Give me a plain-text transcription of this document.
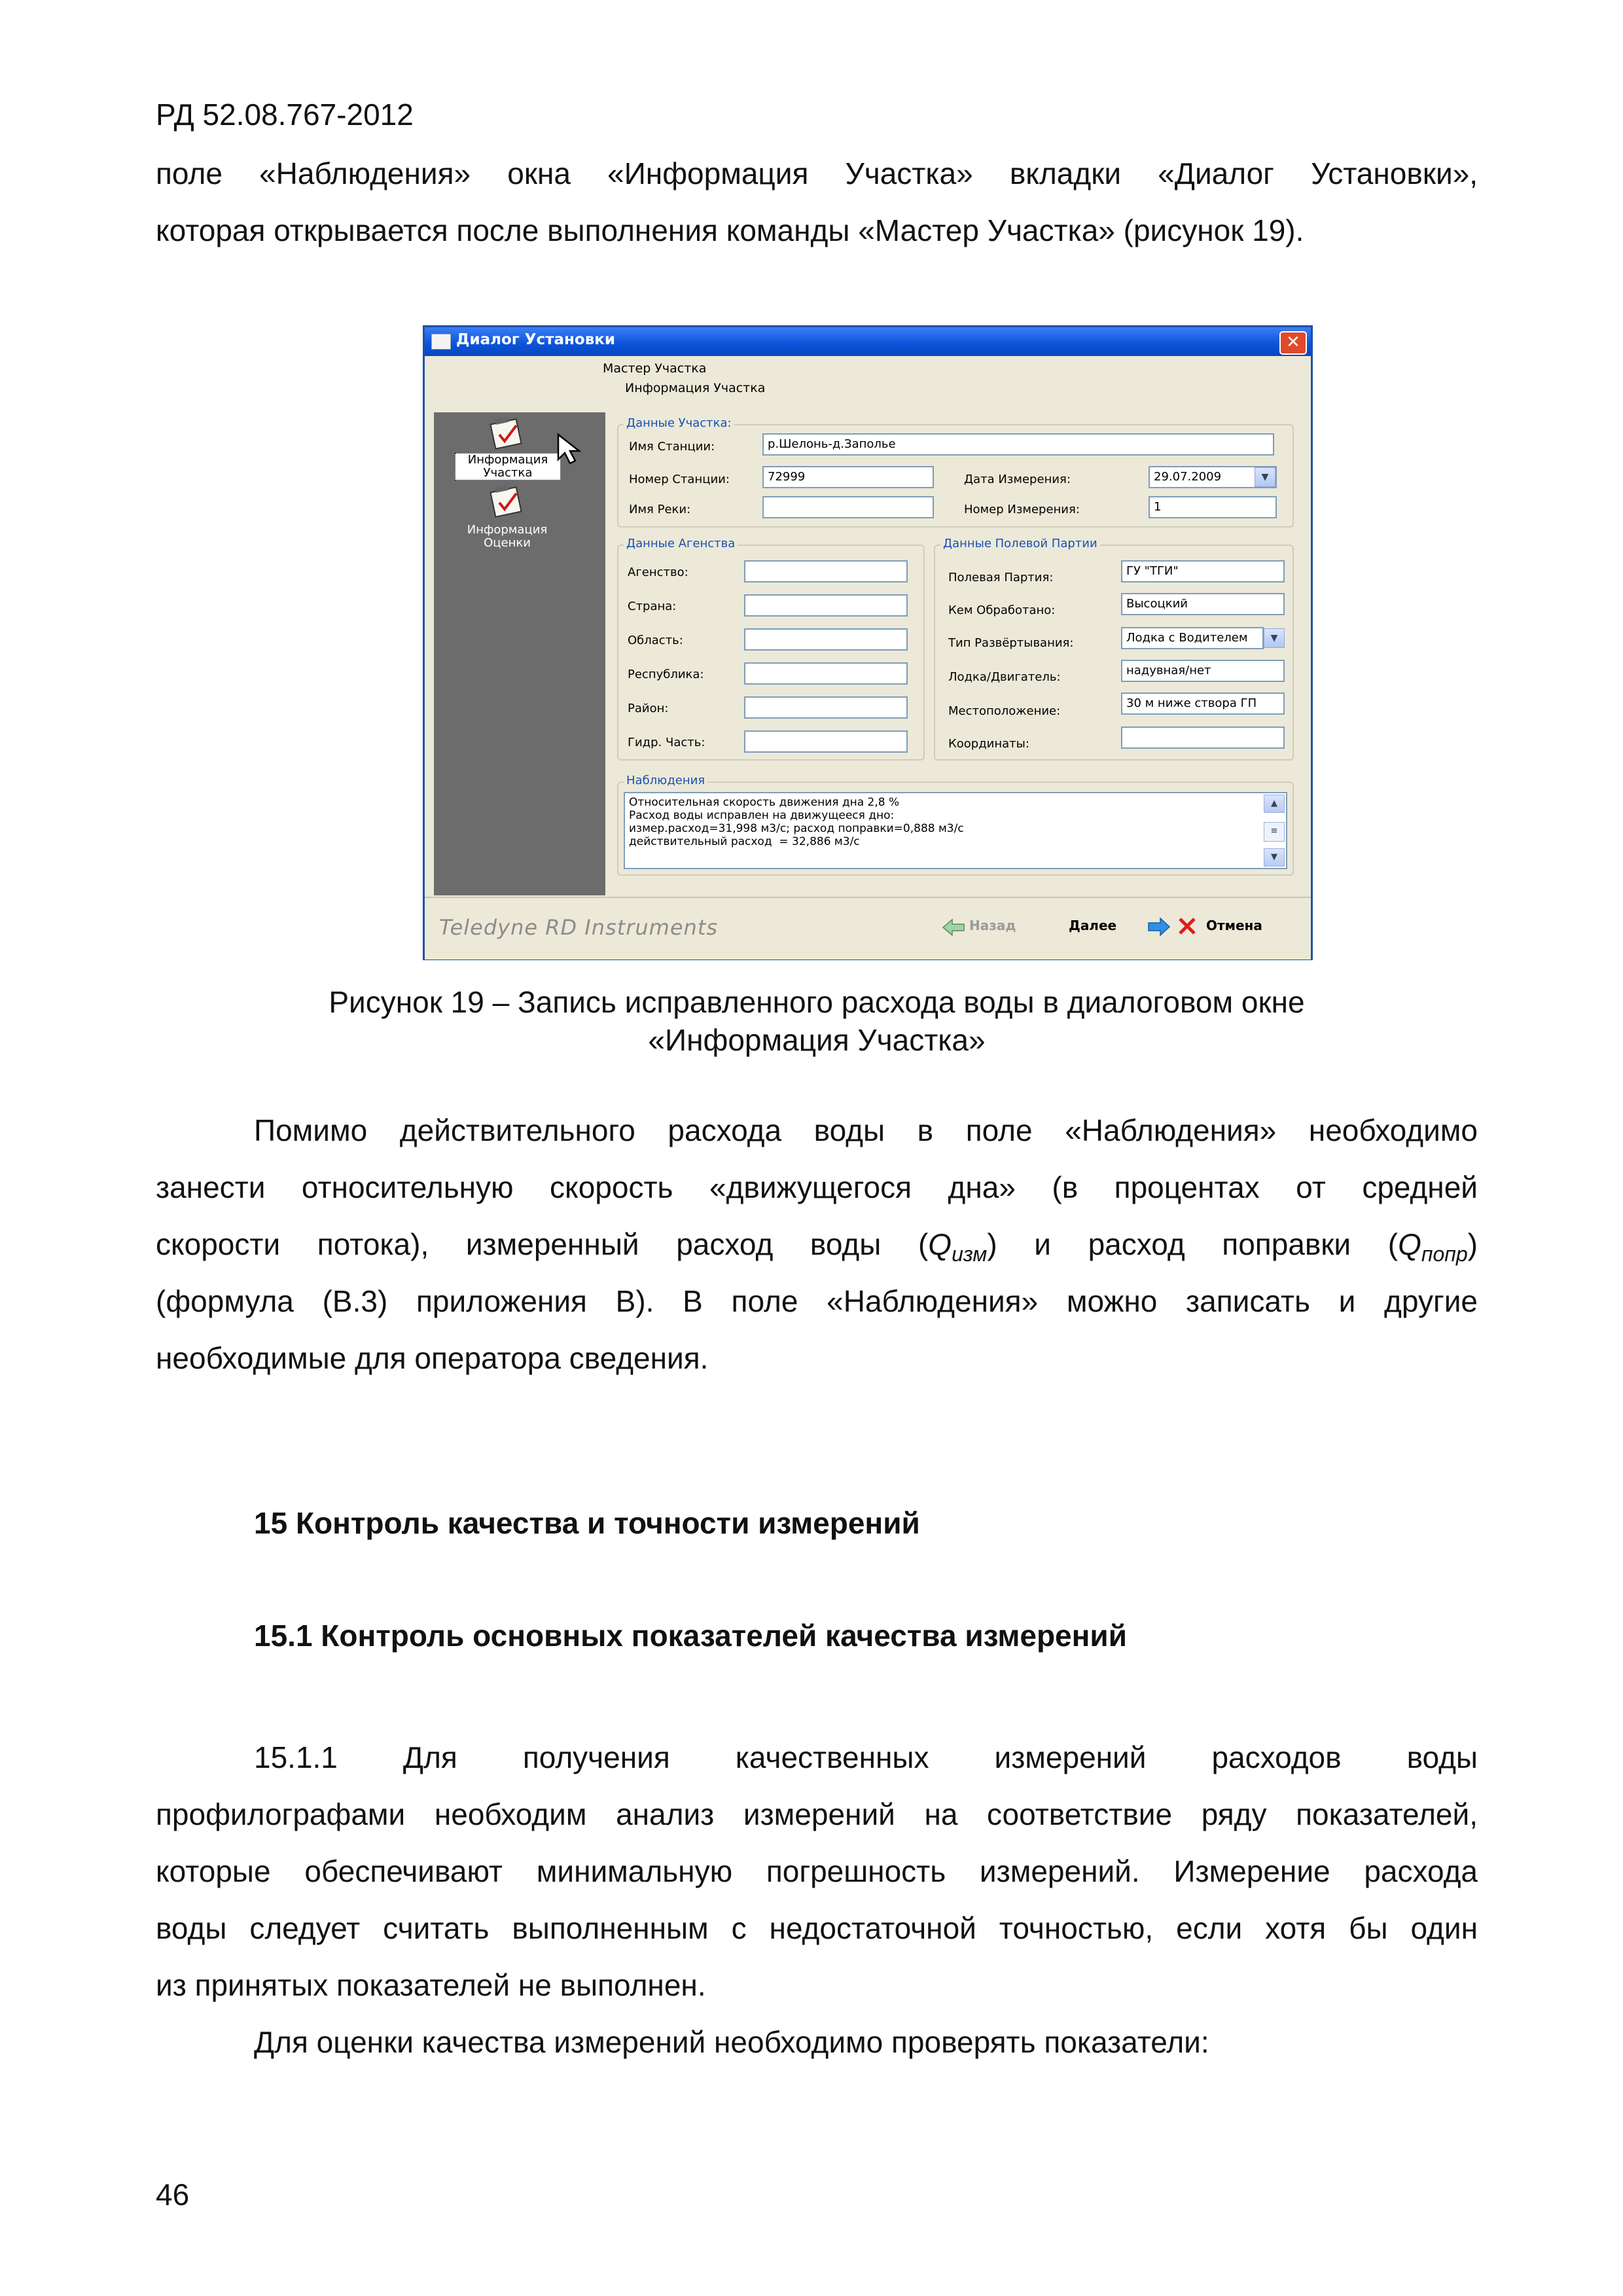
РД 52.08.767-2012
поле «Наблюдения» окна «Информация Участка» вкладки «Диалог Установки»,
которая открывается после выполнения команды «Мастер Участка» (рисунок 19).
Диалог Установки	✕
Мастер Участка
Информация Участка
Информация
Участка
Информация
Оценки
Данные Участка:
Имя Станции:	р.Шелонь-д.Заполье
Номер Станции:	72999	Дата Измерения:	29.07.2009	▼
Имя Реки:	Номер Измерения:	1
Данные Агенства
Агенство:
Страна:
Область:
Республика:
Район:
Гидр. Часть:
Данные Полевой Партии
Полевая Партия:	ГУ "ТГИ"
Кем Обработано:	Высоцкий
Тип Развёртывания:	Лодка с Водителем	▼
Лодка/Двигатель:	надувная/нет
Местоположение:
30 м ниже створа ГП
Координаты:
Наблюдения
Относительная скорость движения дна 2,8 %
Расход воды исправлен на движущееся дно:
измер.расход=31,998 м3/с; расход поправки=0,888 м3/с
действительный расход  = 32,886 м3/с
▲
≡
▼
Teledyne RD Instruments	Назад	Далее	Отмена
Рисунок 19 – Запись исправленного расхода воды в диалоговом окне
«Информация Участка»
Помимо действительного расхода воды в поле «Наблюдения» необходимо
занести относительную скорость «движущегося дна» (в процентах от средней
скорости потока), измеренный расход воды $(Q_{изм})$ и расход поправки $(Q_{попр})$
(формула (В.3) приложения В). В поле «Наблюдения» можно записать и другие
необходимые для оператора сведения.
15 Контроль качества и точности измерений
15.1 Контроль основных показателей качества измерений
15.1.1 Для получения качественных измерений расходов воды
профилографами необходим анализ измерений на соответствие ряду показателей,
которые обеспечивают минимальную погрешность измерений. Измерение расхода
воды следует считать выполненным с недостаточной точностью, если хотя бы один
из принятых показателей не выполнен.
Для оценки качества измерений необходимо проверять показатели:
46
